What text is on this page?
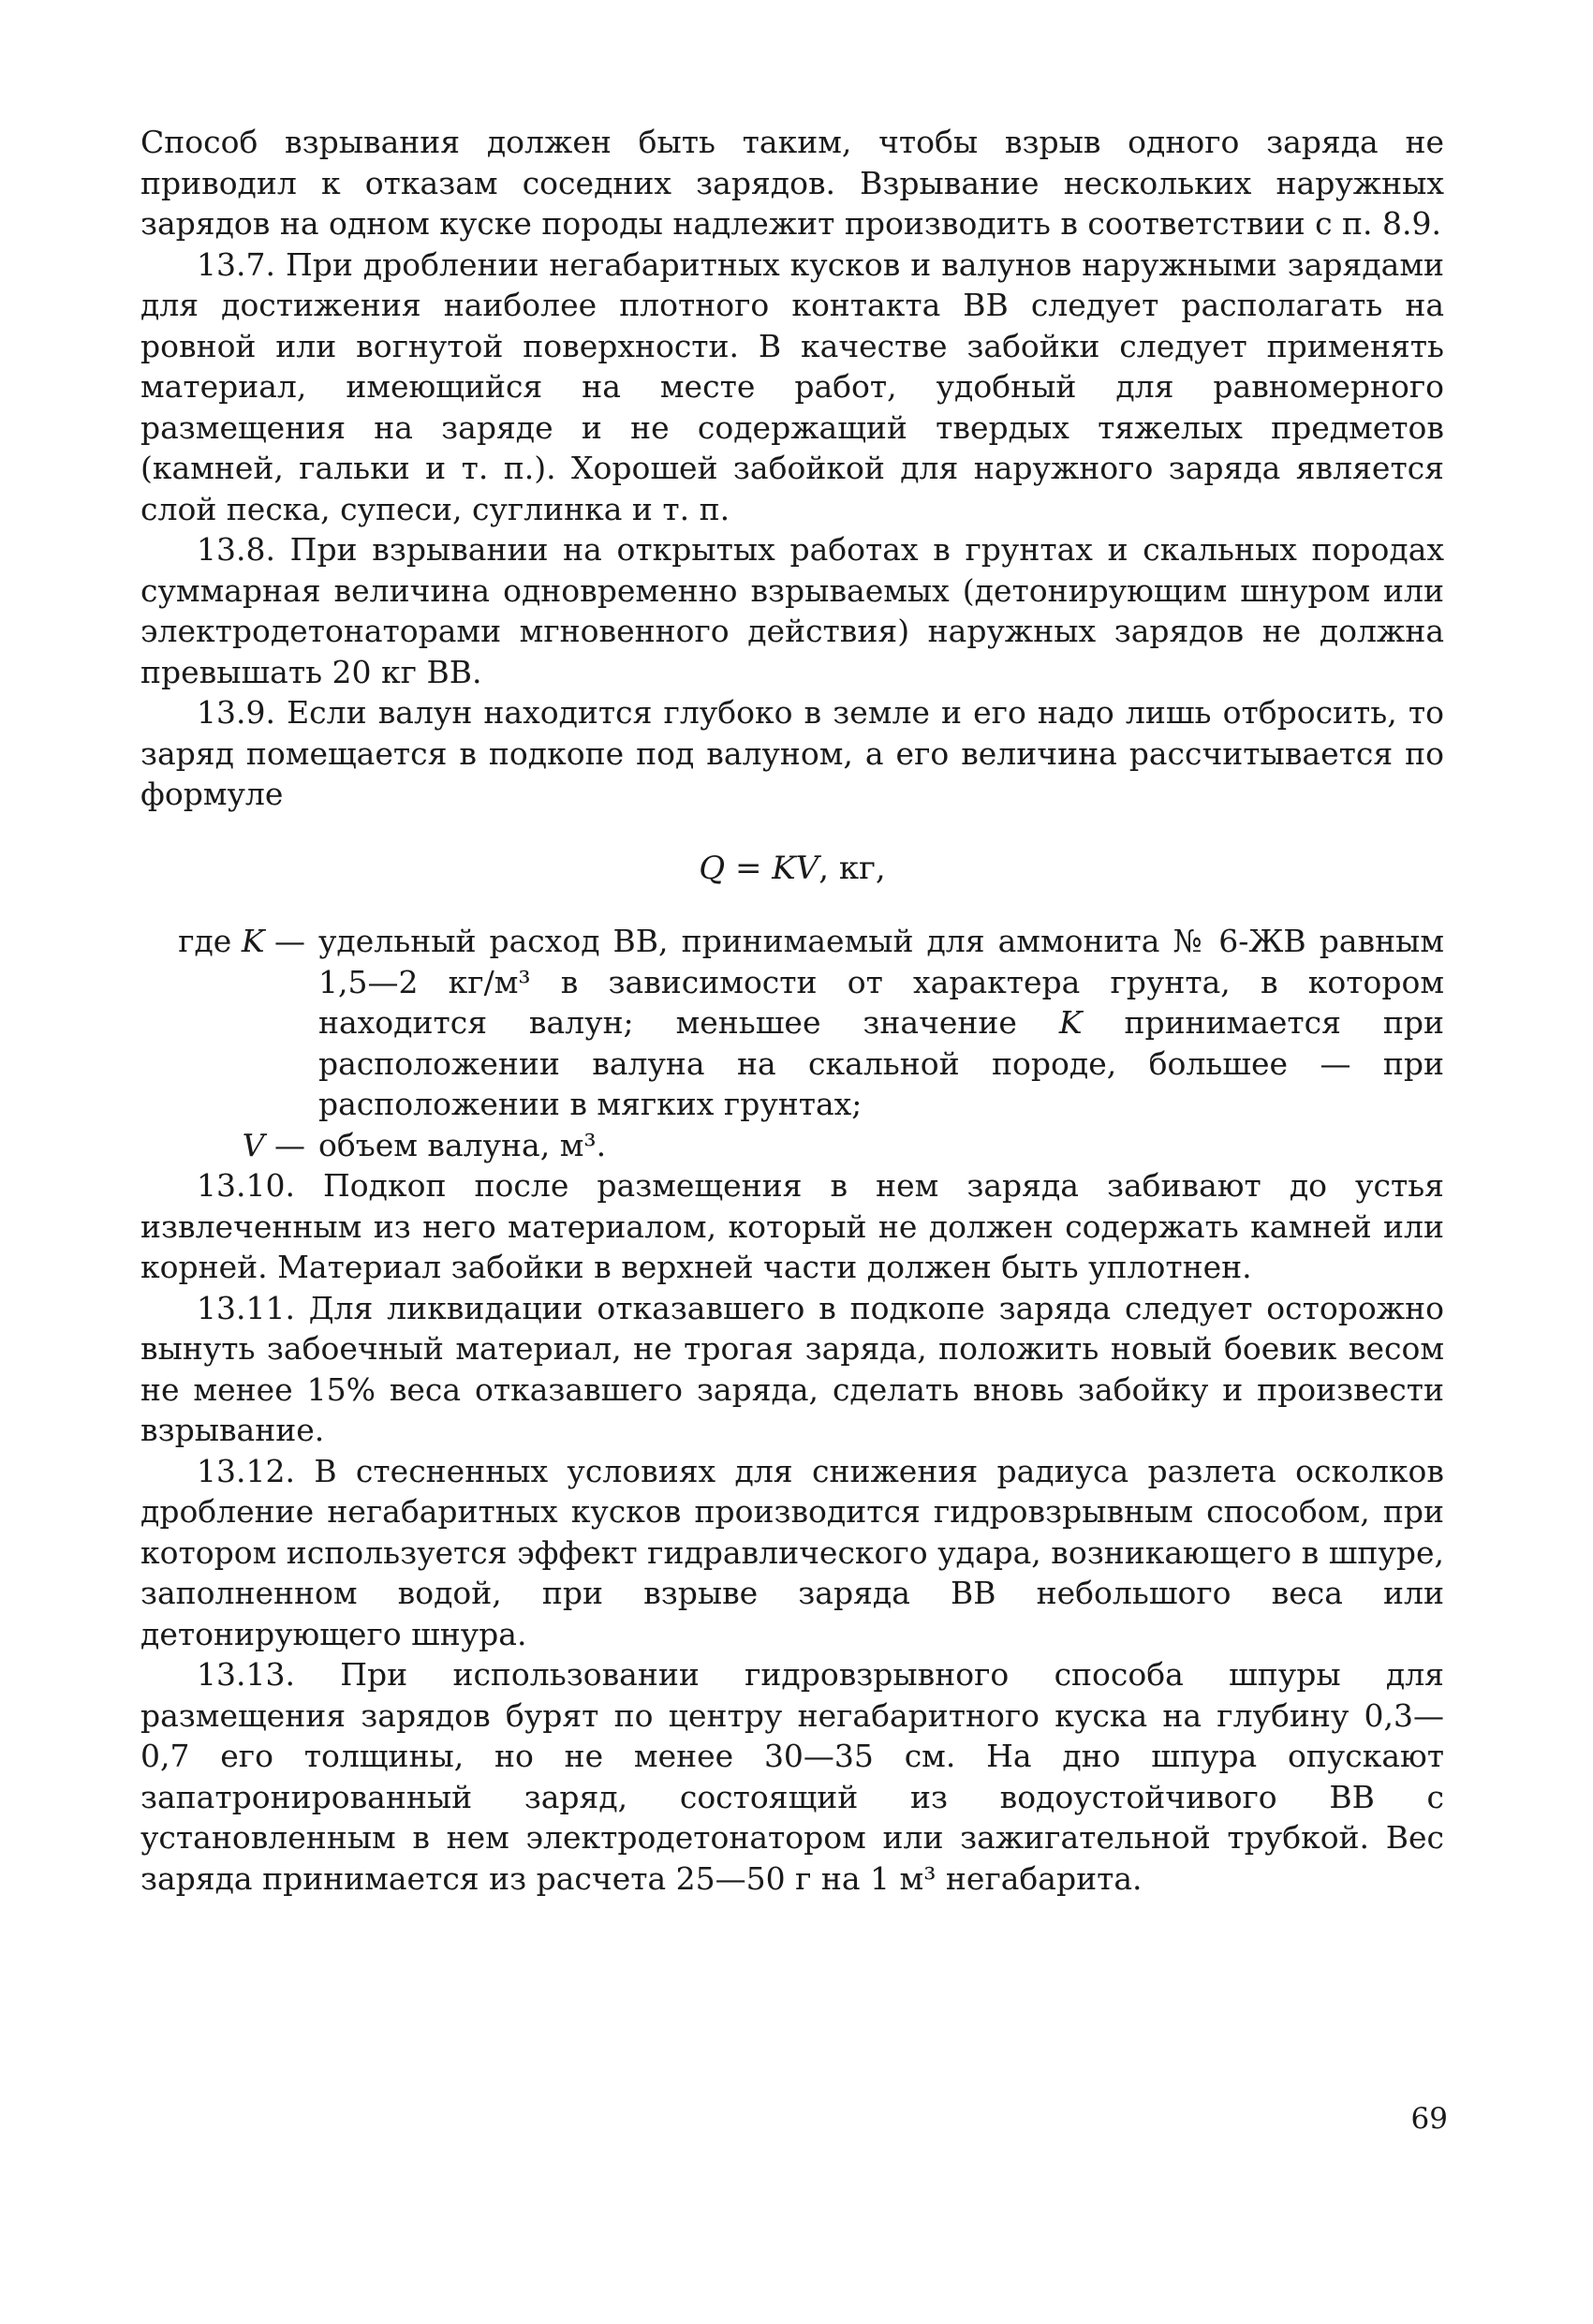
Способ взрывания должен быть таким, чтобы взрыв одного заряда не приводил к отказам соседних зарядов. Взрывание нескольких наружных зарядов на одном куске породы надлежит производить в соответствии с п. 8.9.

13.7. При дроблении негабаритных кусков и валунов наружными зарядами для достижения наиболее плотного контакта ВВ следует располагать на ровной или вогнутой поверхности. В качестве забойки следует применять материал, имеющийся на месте работ, удобный для равномерного размещения на заряде и не содержащий твердых тяжелых предметов (камней, гальки и т. п.). Хорошей забойкой для наружного заряда является слой песка, супеси, суглинка и т. п.

13.8. При взрывании на открытых работах в грунтах и скальных породах суммарная величина одновременно взрываемых (детонирующим шнуром или электродетонаторами мгновенного действия) наружных зарядов не должна превышать 20 кг ВВ.

13.9. Если валун находится глубоко в земле и его надо лишь отбросить, то заряд помещается в подкопе под валуном, а его величина рассчитывается по формуле

Q = KV, кг,
где K — удельный расход ВВ, принимаемый для аммонита № 6-ЖВ равным 1,5—2 кг/м³ в зависимости от характера грунта, в котором находится валун; меньшее значение K принимается при расположении валуна на скальной породе, большее — при расположении в мягких грунтах;
V — объем валуна, м³.

13.10. Подкоп после размещения в нем заряда забивают до устья извлеченным из него материалом, который не должен содержать камней или корней. Материал забойки в верхней части должен быть уплотнен.

13.11. Для ликвидации отказавшего в подкопе заряда следует осторожно вынуть забоечный материал, не трогая заряда, положить новый боевик весом не менее 15% веса отказавшего заряда, сделать вновь забойку и произвести взрывание.

13.12. В стесненных условиях для снижения радиуса разлета осколков дробление негабаритных кусков производится гидровзрывным способом, при котором используется эффект гидравлического удара, возникающего в шпуре, заполненном водой, при взрыве заряда ВВ небольшого веса или детонирующего шнура.

13.13. При использовании гидровзрывного способа шпуры для размещения зарядов бурят по центру негабаритного куска на глубину 0,3—0,7 его толщины, но не менее 30—35 см. На дно шпура опускают запатронированный заряд, состоящий из водоустойчивого ВВ с установленным в нем электродетонатором или зажигательной трубкой. Вес заряда принимается из расчета 25—50 г на 1 м³ негабарита.

69
